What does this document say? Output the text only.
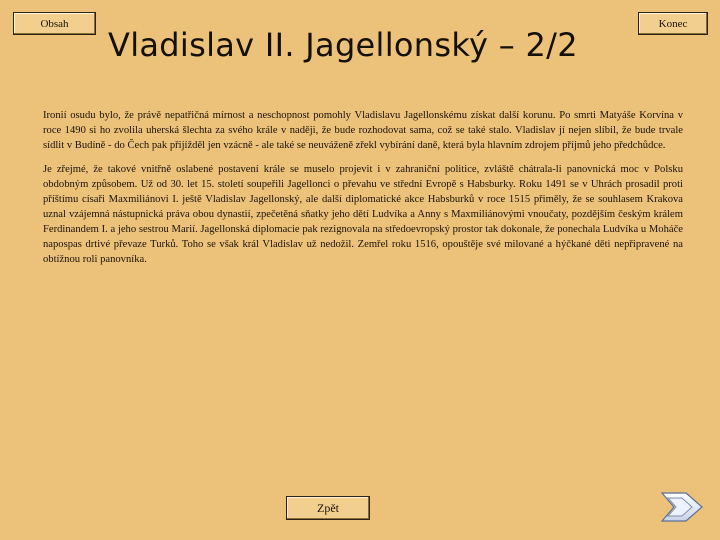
Obsah	Konec
Vladislav II. Jagellonský – 2/2

Ironií osudu bylo, že právě nepatřičná mírnost a neschopnost pomohly Vladislavu Jagellonskému získat další korunu. Po smrti Matyáše Korvína v roce 1490 si ho zvolila uherská šlechta za svého krále v naději, že bude rozhodovat sama, což se také stalo. Vladislav jí nejen slíbil, že bude trvale sídlit v Budíně - do Čech pak přijížděl jen vzácně - ale také se neuváženě zřekl vybírání daně, která byla hlavním zdrojem příjmů jeho předchůdce.

Je zřejmé, že takové vnitřně oslabené postavení krále se muselo projevit i v zahraniční politice, zvláště chátrala-li panovnická moc v Polsku obdobným způsobem. Už od 30. let 15. století soupeřili Jagellonci o převahu ve střední Evropě s Habsburky. Roku 1491 se v Uhrách prosadil proti příštímu císaři Maxmiliánovi I. ještě Vladislav Jagellonský, ale další diplomatické akce Habsburků v roce 1515 přiměly, že se souhlasem Krakova uznal vzájemná nástupnická práva obou dynastií, zpečetěná sňatky jeho dětí Ludvíka a Anny s Maxmiliánovými vnoučaty, pozdějším českým králem Ferdinandem I. a jeho sestrou Marií. Jagellonská diplomacie pak rezignovala na středoevropský prostor tak dokonale, že ponechala Ludvíka u Moháče napospas drtivé převaze Turků. Toho se však král Vladislav už nedožil. Zemřel roku 1516, opouštěje své milované a hýčkané děti nepřipravené na obtížnou roli panovníka.

Zpět
